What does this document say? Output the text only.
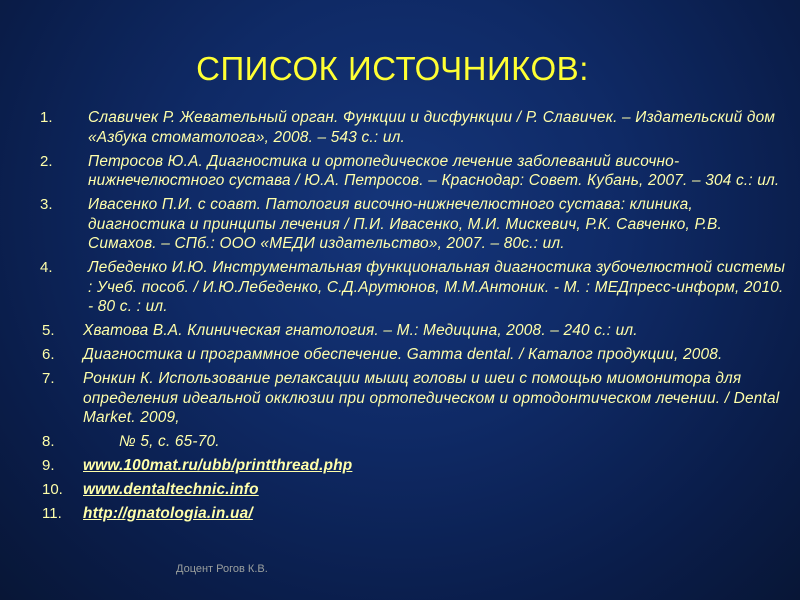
СПИСОК ИСТОЧНИКОВ:
1. Славичек Р. Жевательный орган. Функции и дисфункции / Р. Славичек. – Издательский дом «Азбука стоматолога», 2008. – 543 с.: ил.
2. Петросов Ю.А. Диагностика и ортопедическое лечение заболеваний височно-нижнечелюстного сустава / Ю.А. Петросов. – Краснодар: Совет. Кубань, 2007. – 304 с.: ил.
3. Ивасенко П.И. с соавт. Патология височно-нижнечелюстного сустава: клиника, диагностика и принципы лечения / П.И. Ивасенко, М.И. Мискевич, Р.К. Савченко, Р.В. Симахов. – СПб.: ООО «МЕДИ издательство», 2007. – 80с.: ил.
4. Лебеденко И.Ю. Инструментальная функциональная диагностика зубочелюстной системы : Учеб. пособ. / И.Ю.Лебеденко, С.Д.Арутюнов, М.М.Антоник. - М. : МЕДпресс-информ, 2010. - 80 с. : ил.
5. Хватова В.А. Клиническая гнатология. – М.: Медицина, 2008. – 240 с.: ил.
6. Диагностика и программное обеспечение. Gamma dental. / Каталог продукции, 2008.
7. Ронкин К. Использование релаксации мышц головы и шеи с помощью миомонитора для определения идеальной окклюзии при ортопедическом и ортодонтическом лечении. / Dental Market. 2009,
8.	№ 5, с. 65-70.
9. www.100mat.ru/ubb/printthread.php
10. www.dentaltechnic.info
11. http://gnatologia.in.ua/
Доцент Рогов К.В.
